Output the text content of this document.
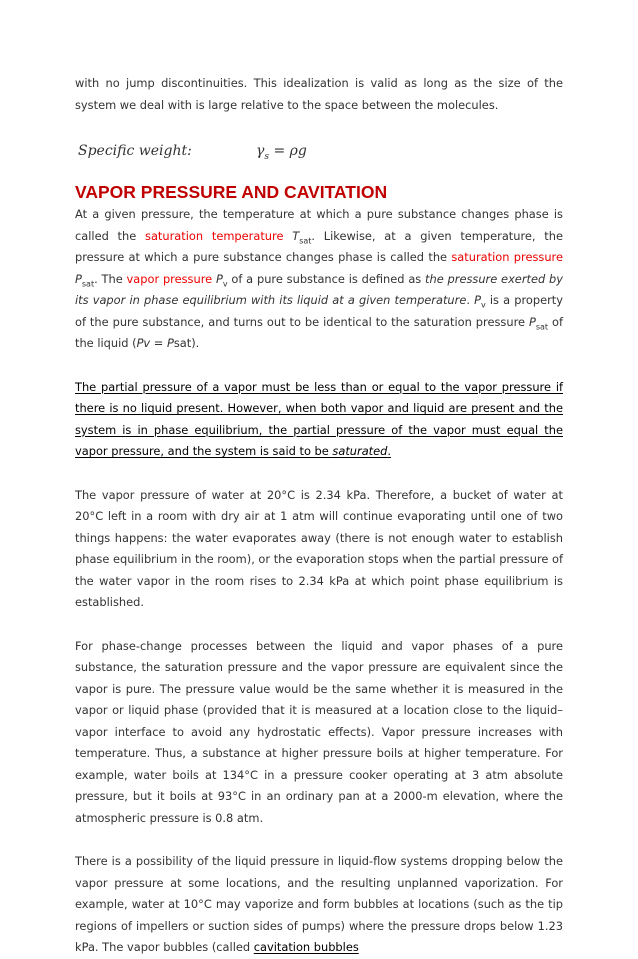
with no jump discontinuities. This idealization is valid as long as the size of the system we deal with is large relative to the space between the molecules.

Specific weight:	$\gamma_s = \rho g$
VAPOR PRESSURE AND CAVITATION

At a given pressure, the temperature at which a pure substance changes phase is called the saturation temperature $T_{sat}$. Likewise, at a given temperature, the pressure at which a pure substance changes phase is called the saturation pressure $P_{sat}$. The vapor pressure $P_v$ of a pure substance is defined as the pressure exerted by its vapor in phase equilibrium with its liquid at a given temperature. $P_v$ is a property of the pure substance, and turns out to be identical to the saturation pressure $P_{sat}$ of the liquid (Pv = Psat).

The partial pressure of a vapor must be less than or equal to the vapor pressure if there is no liquid present. However, when both vapor and liquid are present and the system is in phase equilibrium, the partial pressure of the vapor must equal the vapor pressure, and the system is said to be saturated.

The vapor pressure of water at 20°C is 2.34 kPa. Therefore, a bucket of water at 20°C left in a room with dry air at 1 atm will continue evaporating until one of two things happens: the water evaporates away (there is not enough water to establish phase equilibrium in the room), or the evaporation stops when the partial pressure of the water vapor in the room rises to 2.34 kPa at which point phase equilibrium is established.

For phase-change processes between the liquid and vapor phases of a pure substance, the saturation pressure and the vapor pressure are equivalent since the vapor is pure. The pressure value would be the same whether it is measured in the vapor or liquid phase (provided that it is measured at a location close to the liquid–vapor interface to avoid any hydrostatic effects). Vapor pressure increases with temperature. Thus, a substance at higher pressure boils at higher temperature. For example, water boils at 134°C in a pressure cooker operating at 3 atm absolute pressure, but it boils at 93°C in an ordinary pan at a 2000-m elevation, where the atmospheric pressure is 0.8 atm.

There is a possibility of the liquid pressure in liquid-flow systems dropping below the vapor pressure at some locations, and the resulting unplanned vaporization. For example, water at 10°C may vaporize and form bubbles at locations (such as the tip regions of impellers or suction sides of pumps) where the pressure drops below 1.23 kPa. The vapor bubbles (called cavitation bubbles
